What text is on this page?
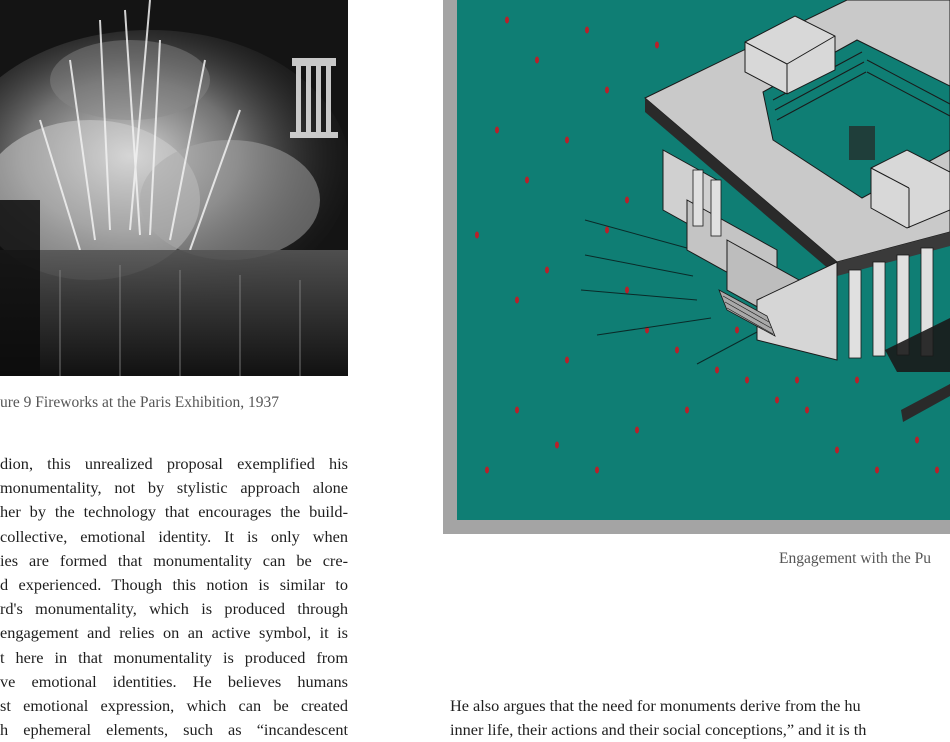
ure 9 Fireworks at the Paris Exhibition, 1937
dion, this unrealized proposal exemplified his
monumentality, not by stylistic approach alone
her by the technology that encourages the build-
collective, emotional identity. It is only when
ies are formed that monumentality can be cre-
d experienced. Though this notion is similar to
rd's monumentality, which is produced through
engagement and relies on an active symbol, it is
t here in that monumentality is produced from
ve emotional identities. He believes humans
st emotional expression, which can be created
h ephemeral elements, such as “incandescent
Engagement with the Pu
He also argues that the need for monuments derive from the hu
inner life, their actions and their social conceptions,” and it is th
